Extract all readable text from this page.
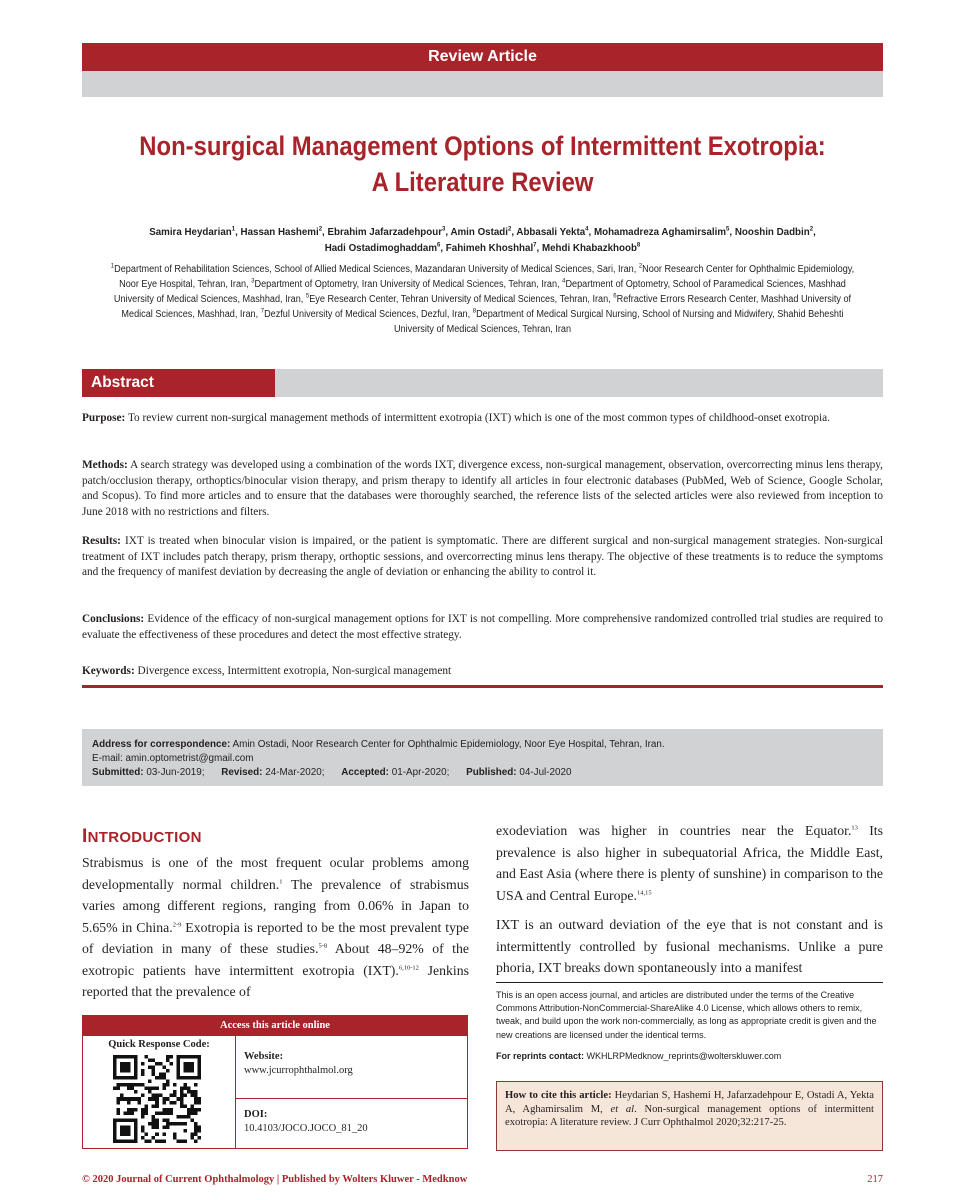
Review Article
Non-surgical Management Options of Intermittent Exotropia:
A Literature Review
Samira Heydarian$^1$, Hassan Hashemi$^2$, Ebrahim Jafarzadehpour$^3$, Amin Ostadi$^2$, Abbasali Yekta$^4$, Mohamadreza Aghamirsalim$^5$, Nooshin Dadbin$^2$,
Hadi Ostadimoghaddam$^6$, Fahimeh Khoshhal$^7$, Mehdi Khabazkhoob$^8$
$^1$Department of Rehabilitation Sciences, School of Allied Medical Sciences, Mazandaran University of Medical Sciences, Sari, Iran, $^2$Noor Research Center for Ophthalmic Epidemiology, Noor Eye Hospital, Tehran, Iran, $^3$Department of Optometry, Iran University of Medical Sciences, Tehran, Iran, $^4$Department of Optometry, School of Paramedical Sciences, Mashhad University of Medical Sciences, Mashhad, Iran, $^5$Eye Research Center, Tehran University of Medical Sciences, Tehran, Iran, $^6$Refractive Errors Research Center, Mashhad University of Medical Sciences, Mashhad, Iran, $^7$Dezful University of Medical Sciences, Dezful, Iran, $^8$Department of Medical Surgical Nursing, School of Nursing and Midwifery, Shahid Beheshti University of Medical Sciences, Tehran, Iran
Abstract
Purpose: To review current non-surgical management methods of intermittent exotropia (IXT) which is one of the most common types of childhood-onset exotropia.
Methods: A search strategy was developed using a combination of the words IXT, divergence excess, non-surgical management, observation, overcorrecting minus lens therapy, patch/occlusion therapy, orthoptics/binocular vision therapy, and prism therapy to identify all articles in four electronic databases (PubMed, Web of Science, Google Scholar, and Scopus). To find more articles and to ensure that the databases were thoroughly searched, the reference lists of the selected articles were also reviewed from inception to June 2018 with no restrictions and filters.
Results: IXT is treated when binocular vision is impaired, or the patient is symptomatic. There are different surgical and non-surgical management strategies. Non-surgical treatment of IXT includes patch therapy, prism therapy, orthoptic sessions, and overcorrecting minus lens therapy. The objective of these treatments is to reduce the symptoms and the frequency of manifest deviation by decreasing the angle of deviation or enhancing the ability to control it.
Conclusions: Evidence of the efficacy of non-surgical management options for IXT is not compelling. More comprehensive randomized controlled trial studies are required to evaluate the effectiveness of these procedures and detect the most effective strategy.
Keywords: Divergence excess, Intermittent exotropia, Non-surgical management
Address for correspondence: Amin Ostadi, Noor Research Center for Ophthalmic Epidemiology, Noor Eye Hospital, Tehran, Iran.
E-mail: amin.optometrist@gmail.com
Submitted: 03-Jun-2019; Revised: 24-Mar-2020; Accepted: 01-Apr-2020; Published: 04-Jul-2020
INTRODUCTION

Strabismus is one of the most frequent ocular problems among developmentally normal children.$^1$ The prevalence of strabismus varies among different regions, ranging from 0.06% in Japan to 5.65% in China.$^{2-9}$ Exotropia is reported to be the most prevalent type of deviation in many of these studies.$^{5-8}$ About 48–92% of the exotropic patients have intermittent exotropia (IXT).$^{6,10-12}$ Jenkins reported that the prevalence of

exodeviation was higher in countries near the Equator.$^{13}$ Its prevalence is also higher in subequatorial Africa, the Middle East, and East Asia (where there is plenty of sunshine) in comparison to the USA and Central Europe.$^{14,15}$

IXT is an outward deviation of the eye that is not constant and is intermittently controlled by fusional mechanisms. Unlike a pure phoria, IXT breaks down spontaneously into a manifest

Access this article online
Quick Response Code:
Website:
www.jcurrophthalmol.org
DOI:
10.4103/JOCO.JOCO_81_20
This is an open access journal, and articles are distributed under the terms of the Creative Commons Attribution-NonCommercial-ShareAlike 4.0 License, which allows others to remix, tweak, and build upon the work non-commercially, as long as appropriate credit is given and the new creations are licensed under the identical terms.
For reprints contact: WKHLRPMedknow_reprints@wolterskluwer.com
How to cite this article: Heydarian S, Hashemi H, Jafarzadehpour E, Ostadi A, Yekta A, Aghamirsalim M, et al. Non-surgical management options of intermittent exotropia: A literature review. J Curr Ophthalmol 2020;32:217-25.
© 2020 Journal of Current Ophthalmology | Published by Wolters Kluwer - Medknow	217
